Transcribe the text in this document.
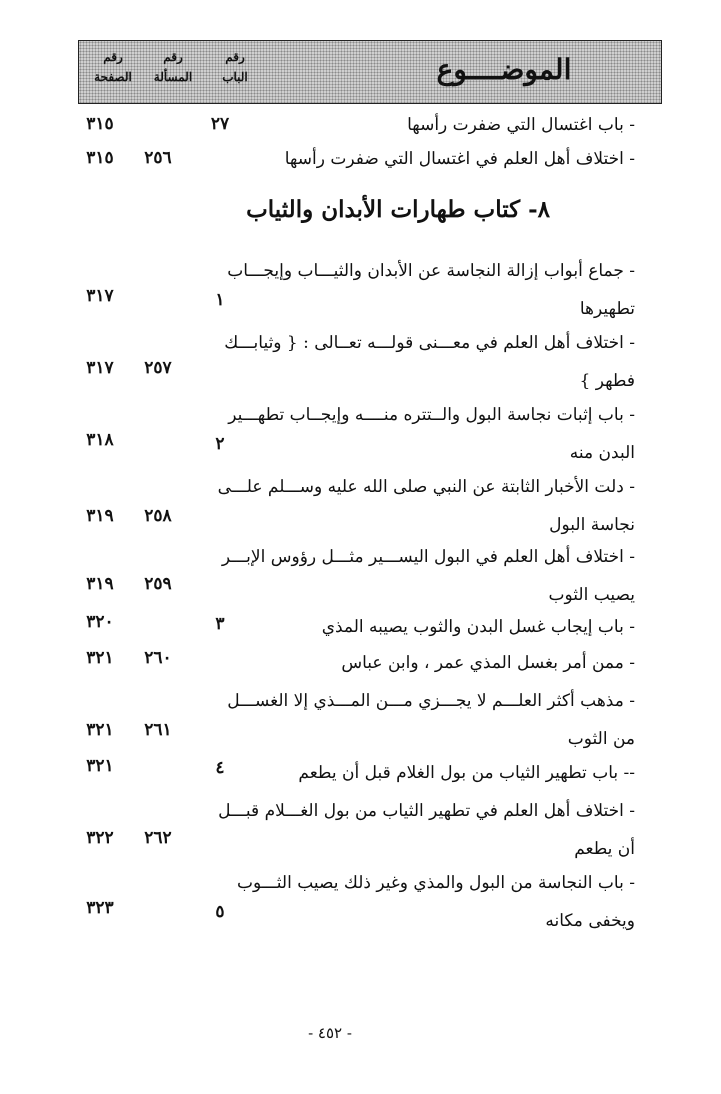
الموضــــوع
رقم
الباب
رقم
المسألة
رقم
الصفحة
- باب اغتسال التي ضفرت رأسها
٢٧
٣١٥
- اختلاف أهل العلم في اغتسال التي ضفرت رأسها
٢٥٦
٣١٥
٨- كتاب طهارات الأبدان والثياب
- جماع أبواب إزالة النجاسة عن الأبدان والثيـــاب وإيجـــاب
تطهيرها
١
٣١٧
- اختلاف أهل العلم في معـــنى قولـــه تعــالى : { وثيابـــك
فطهر }
٢٥٧
٣١٧
- باب إثبات نجاسة البول والــتتره منــــه وإيجــاب تطهـــير
البدن منه
٢
٣١٨
- دلت الأخبار الثابتة عن النبي صلى الله عليه وســـلم علـــى
نجاسة البول
٢٥٨
٣١٩
- اختلاف أهل العلم في البول اليســـير مثـــل رؤوس الإبـــر
يصيب الثوب
٢٥٩
٣١٩
- باب إيجاب غسل البدن والثوب يصيبه المذي
٣
٣٢٠
- ممن أمر بغسل المذي عمر ، وابن عباس
٢٦٠
٣٢١
- مذهب أكثر العلـــم لا يجـــزي مـــن المـــذي إلا الغســـل
من الثوب
٢٦١
٣٢١
-- باب تطهير الثياب من بول الغلام قبل أن يطعم
٤
٣٢١
- اختلاف أهل العلم في تطهير الثياب من بول الغـــلام قبـــل
أن يطعم
٢٦٢
٣٢٢
- باب النجاسة من البول والمذي وغير ذلك يصيب الثـــوب
ويخفى مكانه
٥
٣٢٣
- ٤٥٢ -
